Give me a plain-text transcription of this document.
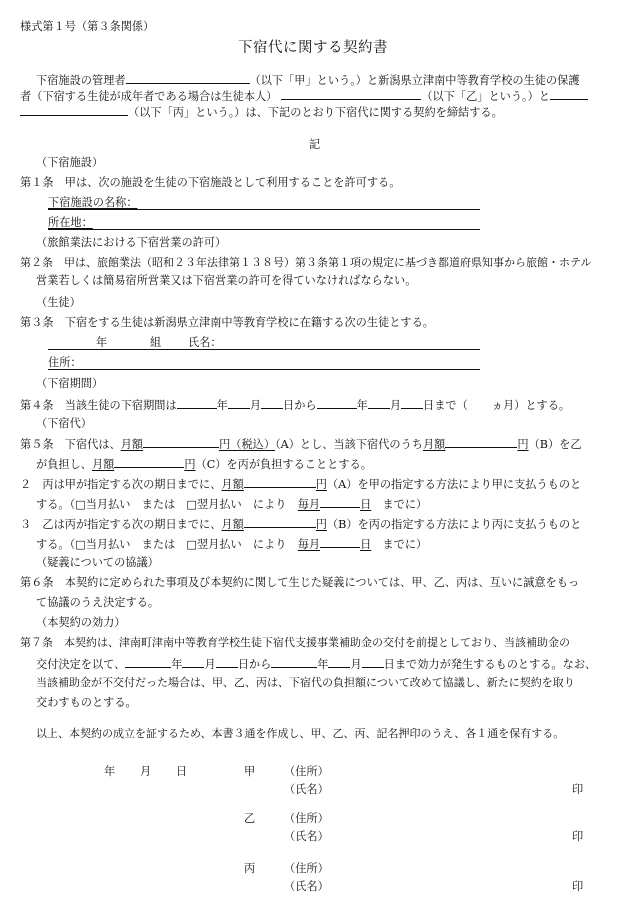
様式第１号（第３条関係）
下宿代に関する契約書
下宿施設の管理者	（以下「甲」という。）と新潟県立津南中等教育学校の生徒の保護
者（下宿する生徒が成年者である場合は生徒本人）	（以下「乙」という。）と
（以下「丙」という。）は、下記のとおり下宿代に関する契約を締結する。
記
（下宿施設）
第１条　甲は、次の施設を生徒の下宿施設として利用することを許可する。
下宿施設の名称：
所在地：
（旅館業法における下宿営業の許可）
第２条　甲は、旅館業法（昭和２３年法律第１３８号）第３条第１項の規定に基づき都道府県知事から旅館・ホテル
営業若しくは簡易宿所営業又は下宿営業の許可を得ていなければならない。
（生徒）
第３条　下宿をする生徒は新潟県立津南中等教育学校に在籍する次の生徒とする。
年	組 氏名：
住所：
（下宿期間）
第４条　当該生徒の下宿期間は	年 月 日から	年 月 日まで（ ヵ月）とする。
（下宿代）
第５条　下宿代は、月額	円（税込）（A）とし、当該下宿代のうち月額	円（B）を乙
が負担し、月額	円（C）を丙が負担することとする。
２　丙は甲が指定する次の期日までに、月額	円（A）を甲の指定する方法により甲に支払うものと
する。（□当月払い　または　□翌月払い　により　 毎月	日　 までに）
３　乙は丙が指定する次の期日までに、月額	円（B）を丙の指定する方法により丙に支払うものと
する。（□当月払い　または　□翌月払い　により　 毎月	日　 までに）
（疑義についての協議）
第６条　本契約に定められた事項及び本契約に関して生じた疑義については、甲、乙、丙は、互いに誠意をもっ
て協議のうえ決定する。
（本契約の効力）
第７条　本契約は、津南町津南中等教育学校生徒下宿代支援事業補助金の交付を前提としており、当該補助金の
交付決定を以て、	年 月 日から	年 月 日まで効力が発生するものとする。なお、
当該補助金が不交付だった場合は、甲、乙、丙は、下宿代の負担額について改めて協議し、新たに契約を取り
交わすものとする。
以上、本契約の成立を証するため、本書３通を作成し、甲、乙、丙、記名押印のうえ、各１通を保有する。
年 月 日	甲	（住所）
（氏名）	印
乙	（住所）
（氏名）	印
丙	（住所）
（氏名）	印
